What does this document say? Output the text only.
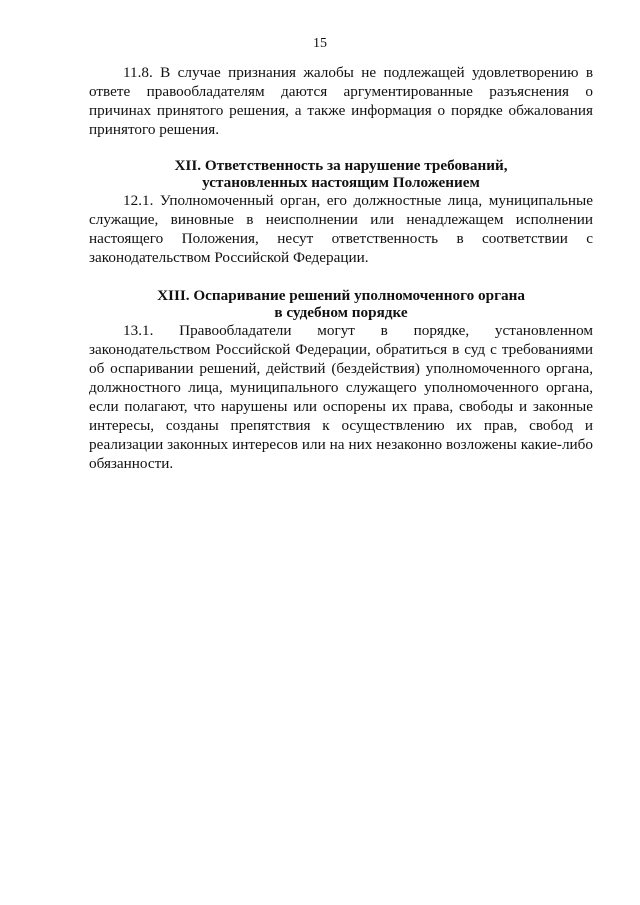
15

11.8. В случае признания жалобы не подлежащей удовлетворению в ответе правообладателям даются аргументированные разъяснения о причинах принятого решения, а также информация о порядке обжалования принятого решения.

XII. Ответственность за нарушение требований,
установленных настоящим Положением

12.1. Уполномоченный орган, его должностные лица, муниципальные служащие, виновные в неисполнении или ненадлежащем исполнении настоящего Положения, несут ответственность в соответствии с законодательством Российской Федерации.

XIII. Оспаривание решений уполномоченного органа
в судебном порядке

13.1. Правообладатели могут в порядке, установленном законодательством Российской Федерации, обратиться в суд с требованиями об оспаривании решений, действий (бездействия) уполномоченного органа, должностного лица, муниципального служащего уполномоченного органа, если полагают, что нарушены или оспорены их права, свободы и законные интересы, созданы препятствия к осуществлению их прав, свобод и реализации законных интересов или на них незаконно возложены какие-либо обязанности.
